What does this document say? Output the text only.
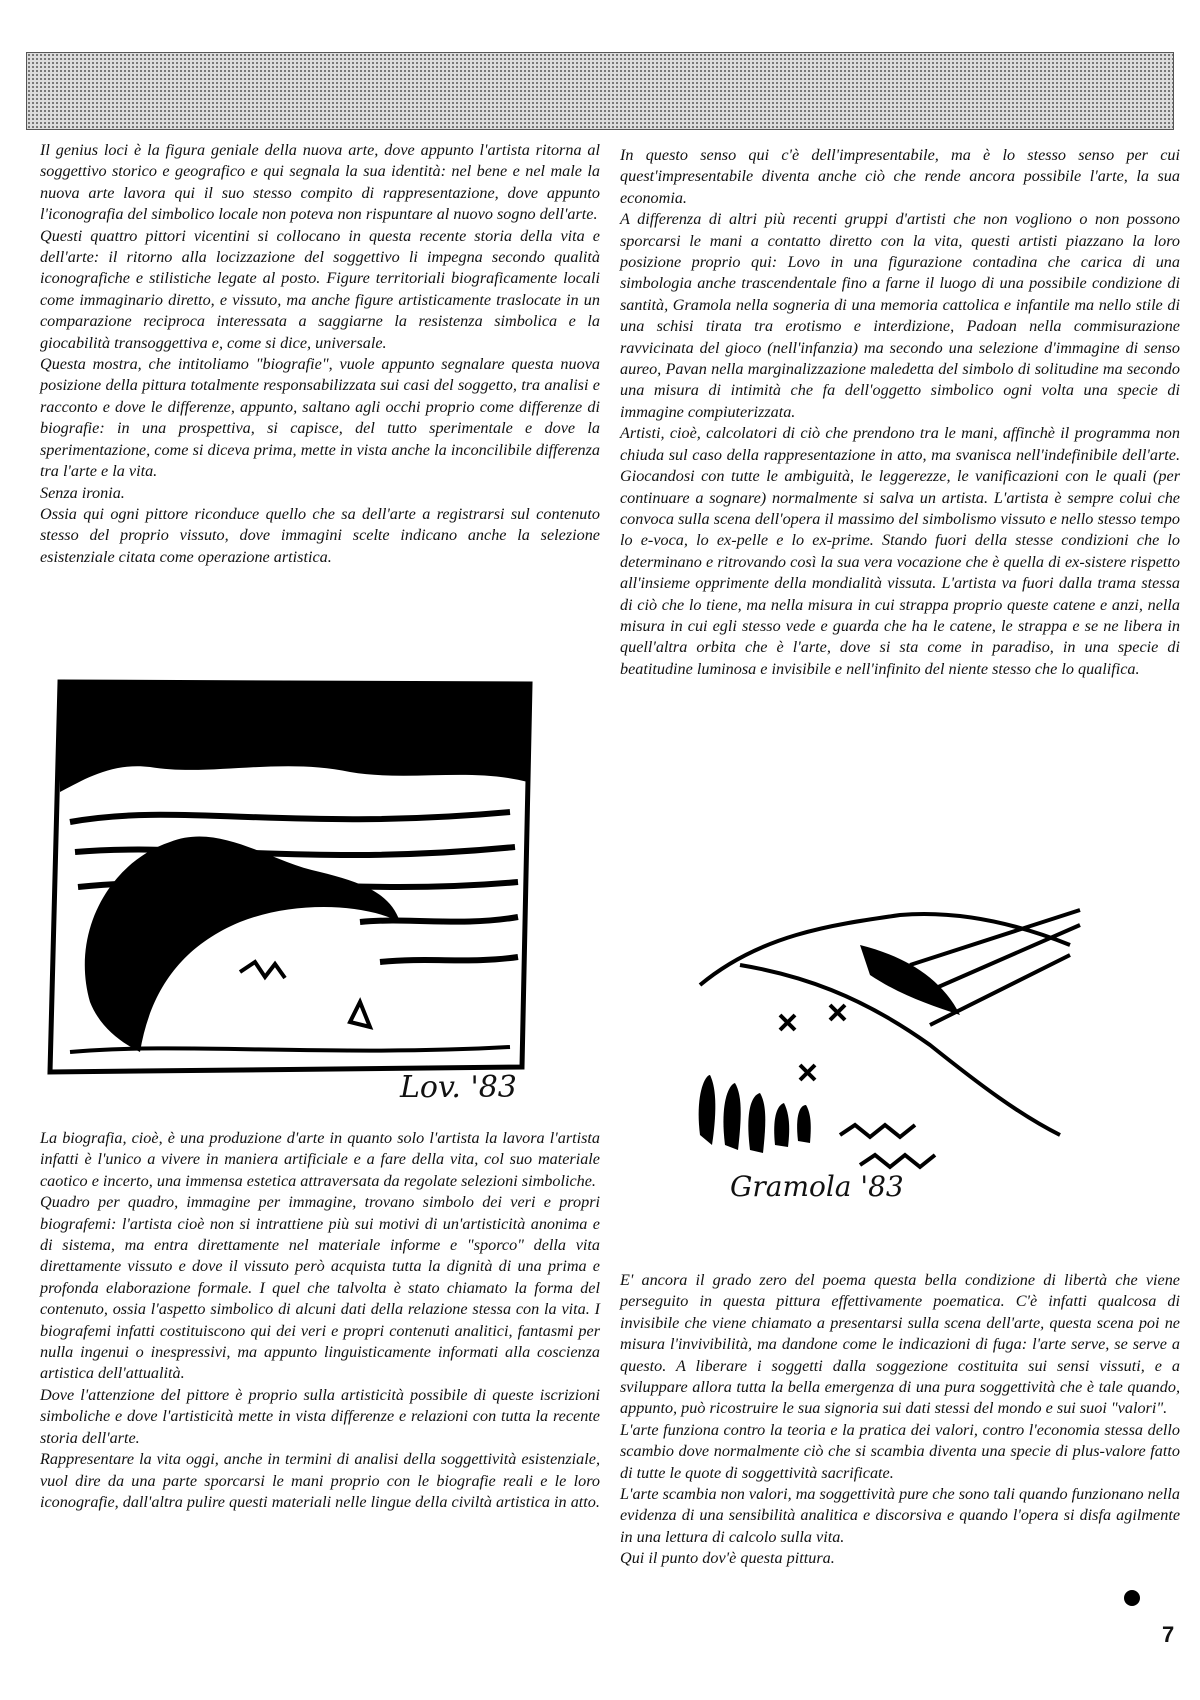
Il genius loci è la figura geniale della nuova arte, dove appunto l'artista ritorna al soggettivo storico e geografico e qui segnala la sua identità: nel bene e nel male la nuova arte lavora qui il suo stesso compito di rappresentazione, dove appunto l'iconografia del simbolico locale non poteva non rispuntare al nuovo sogno dell'arte.

Questi quattro pittori vicentini si collocano in questa recente storia della vita e dell'arte: il ritorno alla locizzazione del soggettivo li impegna secondo qualità iconografiche e stilistiche legate al posto. Figure territoriali biograficamente locali come immaginario diretto, e vissuto, ma anche figure artisticamente traslocate in un comparazione reciproca interessata a saggiarne la resistenza simbolica e la giocabilità transoggettiva e, come si dice, universale.

Questa mostra, che intitoliamo "biografie", vuole appunto segnalare questa nuova posizione della pittura totalmente responsabilizzata sui casi del soggetto, tra analisi e racconto e dove le differenze, appunto, saltano agli occhi proprio come differenze di biografie: in una prospettiva, si capisce, del tutto sperimentale e dove la sperimentazione, come si diceva prima, mette in vista anche la inconcilibile differenza tra l'arte e la vita.

Senza ironia.

Ossia qui ogni pittore riconduce quello che sa dell'arte a registrarsi sul contenuto stesso del proprio vissuto, dove immagini scelte indicano anche la selezione esistenziale citata come operazione artistica.

In questo senso qui c'è dell'impresentabile, ma è lo stesso senso per cui quest'impresentabile diventa anche ciò che rende ancora possibile l'arte, la sua economia.

A differenza di altri più recenti gruppi d'artisti che non vogliono o non possono sporcarsi le mani a contatto diretto con la vita, questi artisti piazzano la loro posizione proprio qui: Lovo in una figurazione contadina che carica di una simbologia anche trascendentale fino a farne il luogo di una possibile condizione di santità, Gramola nella sogneria di una memoria cattolica e infantile ma nello stile di una schisi tirata tra erotismo e interdizione, Padoan nella commisurazione ravvicinata del gioco (nell'infanzia) ma secondo una selezione d'immagine di senso aureo, Pavan nella marginalizzazione maledetta del simbolo di solitudine ma secondo una misura di intimità che fa dell'oggetto simbolico ogni volta una specie di immagine compiuterizzata.

Artisti, cioè, calcolatori di ciò che prendono tra le mani, affinchè il programma non chiuda sul caso della rappresentazione in atto, ma svanisca nell'indefinibile dell'arte. Giocandosi con tutte le ambiguità, le leggerezze, le vanificazioni con le quali (per continuare a sognare) normalmente si salva un artista. L'artista è sempre colui che convoca sulla scena dell'opera il massimo del simbolismo vissuto e nello stesso tempo lo e-voca, lo ex-pelle e lo ex-prime. Stando fuori della stesse condizioni che lo determinano e ritrovando così la sua vera vocazione che è quella di ex-sistere rispetto all'insieme opprimente della mondialità vissuta. L'artista va fuori dalla trama stessa di ciò che lo tiene, ma nella misura in cui strappa proprio queste catene e anzi, nella misura in cui egli stesso vede e guarda che ha le catene, le strappa e se ne libera in quell'altra orbita che è l'arte, dove si sta come in paradiso, in una specie di beatitudine luminosa e invisibile e nell'infinito del niente stesso che lo qualifica.

Lov. '83
Gramola '83

La biografia, cioè, è una produzione d'arte in quanto solo l'artista la lavora l'artista infatti è l'unico a vivere in maniera artificiale e a fare della vita, col suo materiale caotico e incerto, una immensa estetica attraversata da regolate selezioni simboliche.

Quadro per quadro, immagine per immagine, trovano simbolo dei veri e propri biografemi: l'artista cioè non si intrattiene più sui motivi di un'artisticità anonima e di sistema, ma entra direttamente nel materiale informe e "sporco" della vita direttamente vissuto e dove il vissuto però acquista tutta la dignità di una prima e profonda elaborazione formale. I quel che talvolta è stato chiamato la forma del contenuto, ossia l'aspetto simbolico di alcuni dati della relazione stessa con la vita. I biografemi infatti costituiscono qui dei veri e propri contenuti analitici, fantasmi per nulla ingenui o inespressivi, ma appunto linguisticamente informati alla coscienza artistica dell'attualità.

Dove l'attenzione del pittore è proprio sulla artisticità possibile di queste iscrizioni simboliche e dove l'artisticità mette in vista differenze e relazioni con tutta la recente storia dell'arte.

Rappresentare la vita oggi, anche in termini di analisi della soggettività esistenziale, vuol dire da una parte sporcarsi le mani proprio con le biografie reali e le loro iconografie, dall'altra pulire questi materiali nelle lingue della civiltà artistica in atto.

E' ancora il grado zero del poema questa bella condizione di libertà che viene perseguito in questa pittura effettivamente poematica. C'è infatti qualcosa di invisibile che viene chiamato a presentarsi sulla scena dell'arte, questa scena poi ne misura l'invivibilità, ma dandone come le indicazioni di fuga: l'arte serve, se serve a questo. A liberare i soggetti dalla soggezione costituita sui sensi vissuti, e a sviluppare allora tutta la bella emergenza di una pura soggettività che è tale quando, appunto, può ricostruire le sua signoria sui dati stessi del mondo e sui suoi "valori".

L'arte funziona contro la teoria e la pratica dei valori, contro l'economia stessa dello scambio dove normalmente ciò che si scambia diventa una specie di plus-valore fatto di tutte le quote di soggettività sacrificate.

L'arte scambia non valori, ma soggettività pure che sono tali quando funzionano nella evidenza di una sensibilità analitica e discorsiva e quando l'opera si disfa agilmente in una lettura di calcolo sulla vita.

Qui il punto dov'è questa pittura.

7
